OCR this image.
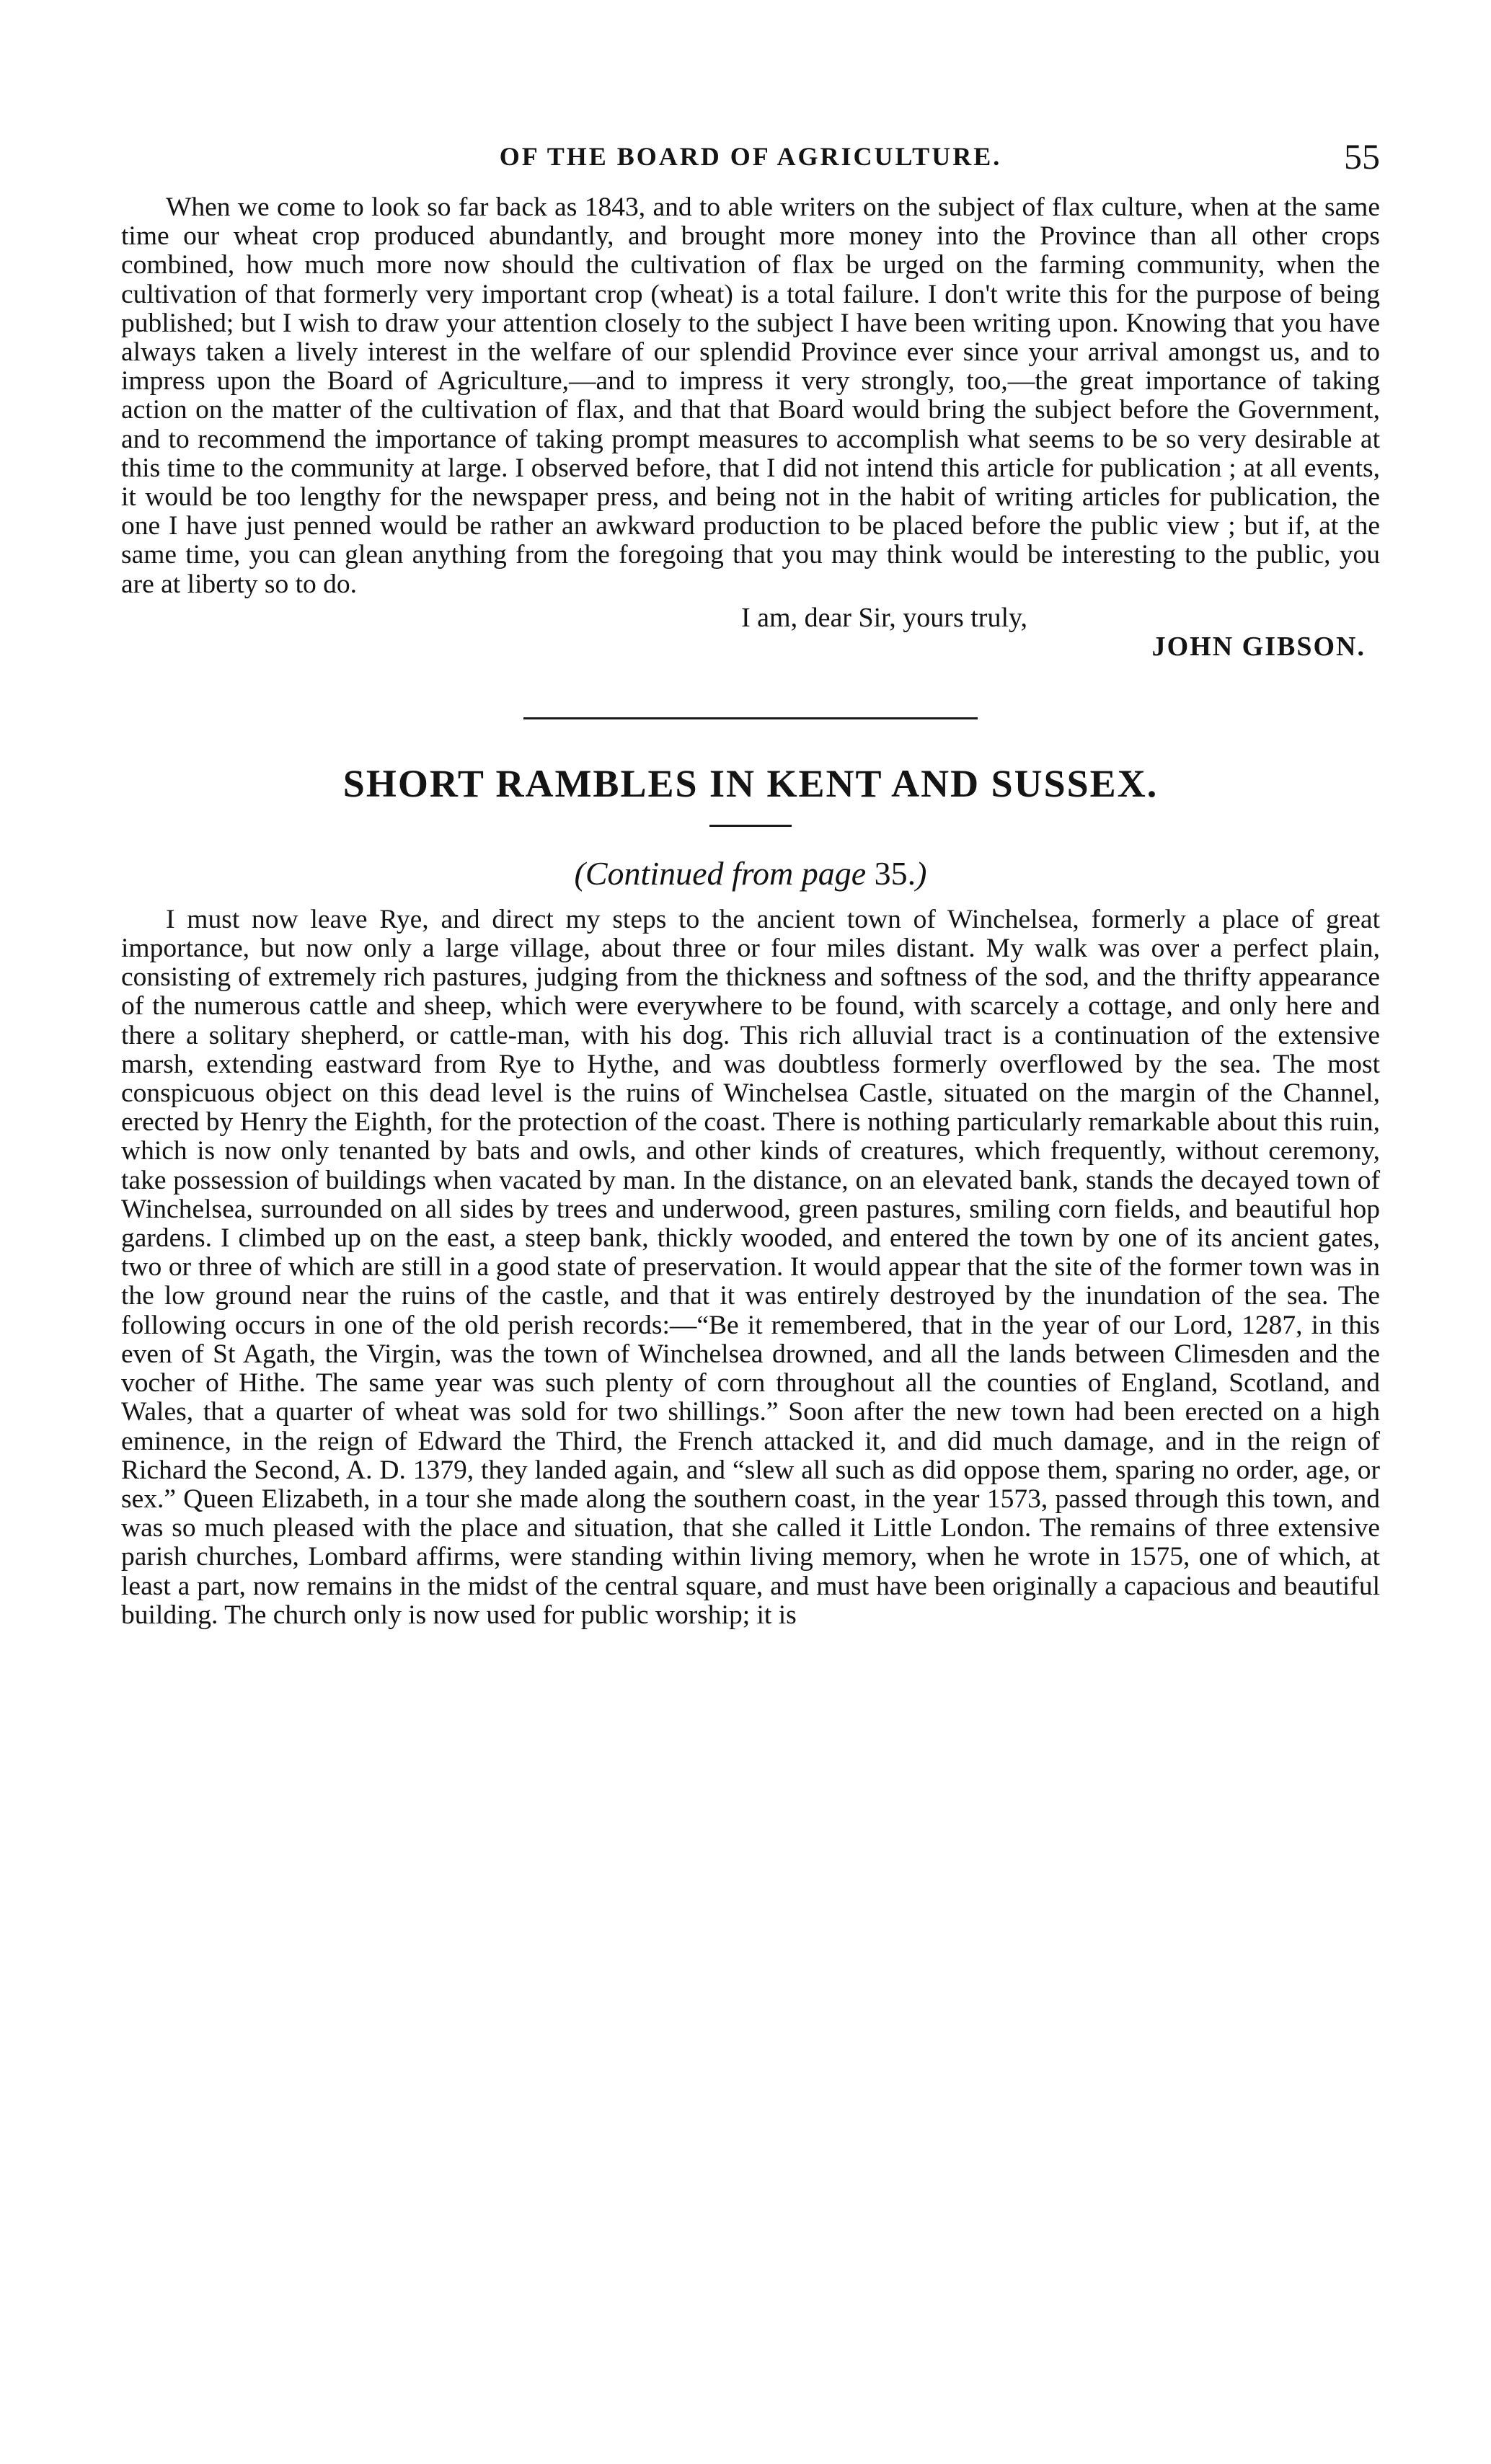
OF THE BOARD OF AGRICULTURE.	55

When we come to look so far back as 1843, and to able writers on the subject of flax culture, when at the same time our wheat crop produced abundantly, and brought more money into the Province than all other crops combined, how much more now should the cultivation of flax be urged on the farming community, when the cultivation of that formerly very important crop (wheat) is a total failure. I don't write this for the purpose of being published; but I wish to draw your attention closely to the subject I have been writing upon. Knowing that you have always taken a lively interest in the welfare of our splendid Province ever since your arrival amongst us, and to impress upon the Board of Agriculture,—and to impress it very strongly, too,—the great importance of taking action on the matter of the cultivation of flax, and that that Board would bring the subject before the Government, and to recommend the importance of taking prompt measures to accomplish what seems to be so very desirable at this time to the community at large. I observed before, that I did not intend this article for publication ; at all events, it would be too lengthy for the newspaper press, and being not in the habit of writing articles for publication, the one I have just penned would be rather an awkward production to be placed before the public view ; but if, at the same time, you can glean anything from the foregoing that you may think would be interesting to the public, you are at liberty so to do.

I am, dear Sir, yours truly,
JOHN GIBSON.
SHORT RAMBLES IN KENT AND SUSSEX.
(Continued from page 35.)

I must now leave Rye, and direct my steps to the ancient town of Winchelsea, formerly a place of great importance, but now only a large village, about three or four miles distant. My walk was over a perfect plain, consisting of extremely rich pastures, judging from the thickness and softness of the sod, and the thrifty appearance of the numerous cattle and sheep, which were everywhere to be found, with scarcely a cottage, and only here and there a solitary shepherd, or cattle-man, with his dog. This rich alluvial tract is a continuation of the extensive marsh, extending eastward from Rye to Hythe, and was doubtless formerly overflowed by the sea. The most conspicuous object on this dead level is the ruins of Winchelsea Castle, situated on the margin of the Channel, erected by Henry the Eighth, for the protection of the coast. There is nothing particularly remarkable about this ruin, which is now only tenanted by bats and owls, and other kinds of creatures, which frequently, without ceremony, take possession of buildings when vacated by man. In the distance, on an elevated bank, stands the decayed town of Winchelsea, surrounded on all sides by trees and underwood, green pastures, smiling corn fields, and beautiful hop gardens. I climbed up on the east, a steep bank, thickly wooded, and entered the town by one of its ancient gates, two or three of which are still in a good state of preservation. It would appear that the site of the former town was in the low ground near the ruins of the castle, and that it was entirely destroyed by the inundation of the sea. The following occurs in one of the old perish records:—“Be it remembered, that in the year of our Lord, 1287, in this even of St Agath, the Virgin, was the town of Winchelsea drowned, and all the lands between Climesden and the vocher of Hithe. The same year was such plenty of corn throughout all the counties of England, Scotland, and Wales, that a quarter of wheat was sold for two shillings.” Soon after the new town had been erected on a high eminence, in the reign of Edward the Third, the French attacked it, and did much damage, and in the reign of Richard the Second, A. D. 1379, they landed again, and “slew all such as did oppose them, sparing no order, age, or sex.” Queen Elizabeth, in a tour she made along the southern coast, in the year 1573, passed through this town, and was so much pleased with the place and situation, that she called it Little London. The remains of three extensive parish churches, Lombard affirms, were standing within living memory, when he wrote in 1575, one of which, at least a part, now remains in the midst of the central square, and must have been originally a capacious and beautiful building. The church only is now used for public worship; it is
